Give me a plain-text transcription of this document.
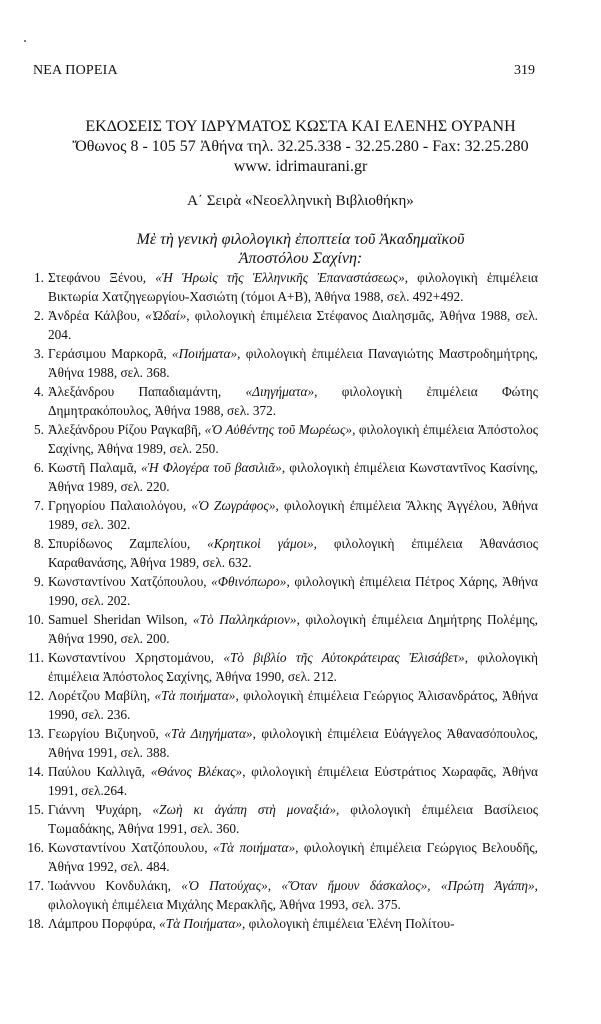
ΝΕΑ ΠΟΡΕΙΑ	319
ΕΚΔΟΣΕΙΣ ΤΟΥ ΙΔΡΥΜΑΤΟΣ ΚΩΣΤΑ ΚΑΙ ΕΛΕΝΗΣ ΟΥΡΑΝΗ
Ὄθωνος 8 - 105 57 Ἀθήνα τηλ. 32.25.338 - 32.25.280 - Fax: 32.25.280
www. idrimaurani.gr
Α΄ Σειρὰ «Νεοελληνικὴ Βιβλιοθήκη»
Μὲ τὴ γενικὴ φιλολογικὴ ἐποπτεία τοῦ Ἀκαδημαϊκοῦ
Ἀποστόλου Σαχίνη:
1. Στεφάνου Ξένου, «Ἡ Ἡρωὶς τῆς Ἑλληνικῆς Ἐπαναστάσεως», φιλολογικὴ ἐπιμέλεια Βικτωρία Χατζηγεωργίου-Χασιώτη (τόμοι Α+Β), Ἀθήνα 1988, σελ. 492+492.
2. Ἀνδρέα Κάλβου, «Ὠδαί», φιλολογικὴ ἐπιμέλεια Στέφανος Διαλησμᾶς, Ἀθήνα 1988, σελ. 204.
3. Γεράσιμου Μαρκορᾶ, «Ποιήματα», φιλολογικὴ ἐπιμέλεια Παναγιώτης Μαστροδημήτρης, Ἀθήνα 1988, σελ. 368.
4. Ἀλεξάνδρου Παπαδιαμάντη, «Διηγήματα», φιλολογικὴ ἐπιμέλεια Φώτης Δημητρακόπουλος, Ἀθήνα 1988, σελ. 372.
5. Ἀλεξάνδρου Ρίζου Ραγκαβῆ, «Ὁ Αὐθέντης τοῦ Μωρέως», φιλολογικὴ ἐπιμέλεια Ἀπόστολος Σαχίνης, Ἀθήνα 1989, σελ. 250.
6. Κωστῆ Παλαμᾶ, «Ἡ Φλογέρα τοῦ βασιλιᾶ», φιλολογικὴ ἐπιμέλεια Κωνσταντῖνος Κασίνης, Ἀθήνα 1989, σελ. 220.
7. Γρηγορίου Παλαιολόγου, «Ὁ Ζωγράφος», φιλολογικὴ ἐπιμέλεια Ἄλκης Ἀγγέλου, Ἀθήνα 1989, σελ. 302.
8. Σπυρίδωνος Ζαμπελίου, «Κρητικοὶ γάμοι», φιλολογικὴ ἐπιμέλεια Ἀθανάσιος Καραθανάσης, Ἀθήνα 1989, σελ. 632.
9. Κωνσταντίνου Χατζόπουλου, «Φθινόπωρο», φιλολογικὴ ἐπιμέλεια Πέτρος Χάρης, Ἀθήνα 1990, σελ. 202.
10. Samuel Sheridan Wilson, «Τὸ Παλληκάριον», φιλολογικὴ ἐπιμέλεια Δημήτρης Πολέμης, Ἀθήνα 1990, σελ. 200.
11. Κωνσταντίνου Χρηστομάνου, «Τὸ βιβλίο τῆς Αὐτοκράτειρας Ἐλισάβετ», φιλολογικὴ ἐπιμέλεια Ἀπόστολος Σαχίνης, Ἀθήνα 1990, σελ. 212.
12. Λορέτζου Μαβίλη, «Τὰ ποιήματα», φιλολογικὴ ἐπιμέλεια Γεώργιος Ἀλισανδράτος, Ἀθήνα 1990, σελ. 236.
13. Γεωργίου Βιζυηνοῦ, «Τὰ Διηγήματα», φιλολογικὴ ἐπιμέλεια Εὐάγγελος Ἀθανασόπουλος, Ἀθήνα 1991, σελ. 388.
14. Παύλου Καλλιγᾶ, «Θάνος Βλέκας», φιλολογικὴ ἐπιμέλεια Εὐστράτιος Χωραφᾶς, Ἀθήνα 1991, σελ.264.
15. Γιάννη Ψυχάρη, «Ζωὴ κι ἀγάπη στὴ μοναξιά», φιλολογικὴ ἐπιμέλεια Βασίλειος Τωμαδάκης, Ἀθήνα 1991, σελ. 360.
16. Κωνσταντίνου Χατζόπουλου, «Τὰ ποιήματα», φιλολογικὴ ἐπιμέλεια Γεώργιος Βελουδῆς, Ἀθήνα 1992, σελ. 484.
17. Ἰωάννου Κονδυλάκη, «Ὁ Πατούχας», «Ὅταν ἤμουν δάσκαλος», «Πρώτη Ἀγάπη», φιλολογικὴ ἐπιμέλεια Μιχάλης Μερακλῆς, Ἀθήνα 1993, σελ. 375.
18. Λάμπρου Πορφύρα, «Τὰ Ποιήματα», φιλολογικὴ ἐπιμέλεια Ἑλένη Πολίτου-
